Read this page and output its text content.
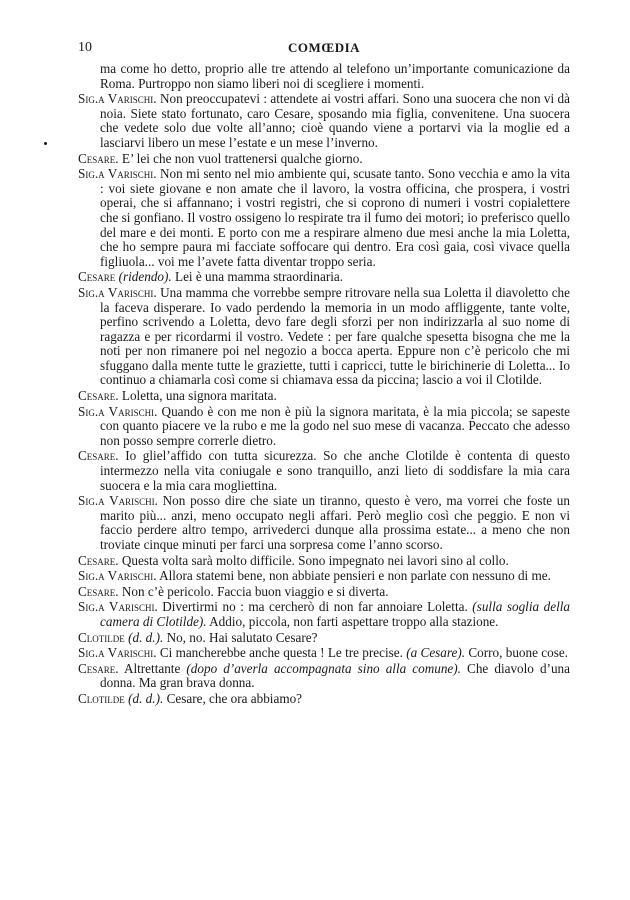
10	COMŒDIA

ma come ho detto, proprio alle tre attendo al telefono un’importante comunicazione da Roma. Purtroppo non siamo liberi noi di scegliere i momenti.

Sig.a Varischi. Non preoccupatevi : attendete ai vostri affari. Sono una suocera che non vi dà noia. Siete stato fortunato, caro Cesare, sposando mia figlia, convenitene. Una suocera che vedete solo due volte all’anno; cioè quando viene a portarvi via la moglie ed a lasciarvi libero un mese l’estate e un mese l’inverno.

Cesare. E’ lei che non vuol trattenersi qualche giorno.

Sig.a Varischi. Non mi sento nel mio ambiente qui, scusate tanto. Sono vecchia e amo la vita : voi siete giovane e non amate che il lavoro, la vostra officina, che prospera, i vostri operai, che si affannano; i vostri registri, che si coprono di numeri i vostri copialettere che si gonfiano. Il vostro ossigeno lo respirate tra il fumo dei motori; io preferisco quello del mare e dei monti. E porto con me a respirare almeno due mesi anche la mia Loletta, che ho sempre paura mi facciate soffocare qui dentro. Era così gaia, così vivace quella figliuola... voi me l’avete fatta diventar troppo seria.

Cesare (ridendo). Lei è una mamma straordinaria.

Sig.a Varischi. Una mamma che vorrebbe sempre ritrovare nella sua Loletta il diavoletto che la faceva disperare. Io vado perdendo la memoria in un modo affliggente, tante volte, perfino scrivendo a Loletta, devo fare degli sforzi per non indirizzarla al suo nome di ragazza e per ricordarmi il vostro. Vedete : per fare qualche spesetta bisogna che me la noti per non rimanere poi nel negozio a bocca aperta. Eppure non c’è pericolo che mi sfuggano dalla mente tutte le graziette, tutti i capricci, tutte le birichinerie di Loletta... Io continuo a chiamarla così come si chiamava essa da piccina; lascio a voi il Clotilde.

Cesare. Loletta, una signora maritata.

Sig.a Varischi. Quando è con me non è più la signora maritata, è la mia piccola; se sapeste con quanto piacere ve la rubo e me la godo nel suo mese di vacanza. Peccato che adesso non posso sempre correrle dietro.

Cesare. Io gliel’affido con tutta sicurezza. So che anche Clotilde è contenta di questo intermezzo nella vita coniugale e sono tranquillo, anzi lieto di soddisfare la mia cara suocera e la mia cara mogliettina.

Sig.a Varischi. Non posso dire che siate un tiranno, questo è vero, ma vorrei che foste un marito più... anzi, meno occupato negli affari. Però meglio così che peggio. E non vi faccio perdere altro tempo, arrivederci dunque alla prossima estate... a meno che non troviate cinque minuti per farci una sorpresa come l’anno scorso.

Cesare. Questa volta sarà molto difficile. Sono impegnato nei lavori sino al collo.

Sig.a Varischi. Allora statemi bene, non abbiate pensieri e non parlate con nessuno di me.

Cesare. Non c’è pericolo. Faccia buon viaggio e si diverta.

Sig.a Varischi. Divertirmi no : ma cercherò di non far annoiare Loletta. (sulla soglia della camera di Clotilde). Addio, piccola, non farti aspettare troppo alla stazione.

Clotilde (d. d.). No, no. Hai salutato Cesare?

Sig.a Varischi. Ci mancherebbe anche questa ! Le tre precise. (a Cesare). Corro, buone cose.

Cesare. Altrettante (dopo d’averla accompagnata sino alla comune). Che diavolo d’una donna. Ma gran brava donna.

Clotilde (d. d.). Cesare, che ora abbiamo?
